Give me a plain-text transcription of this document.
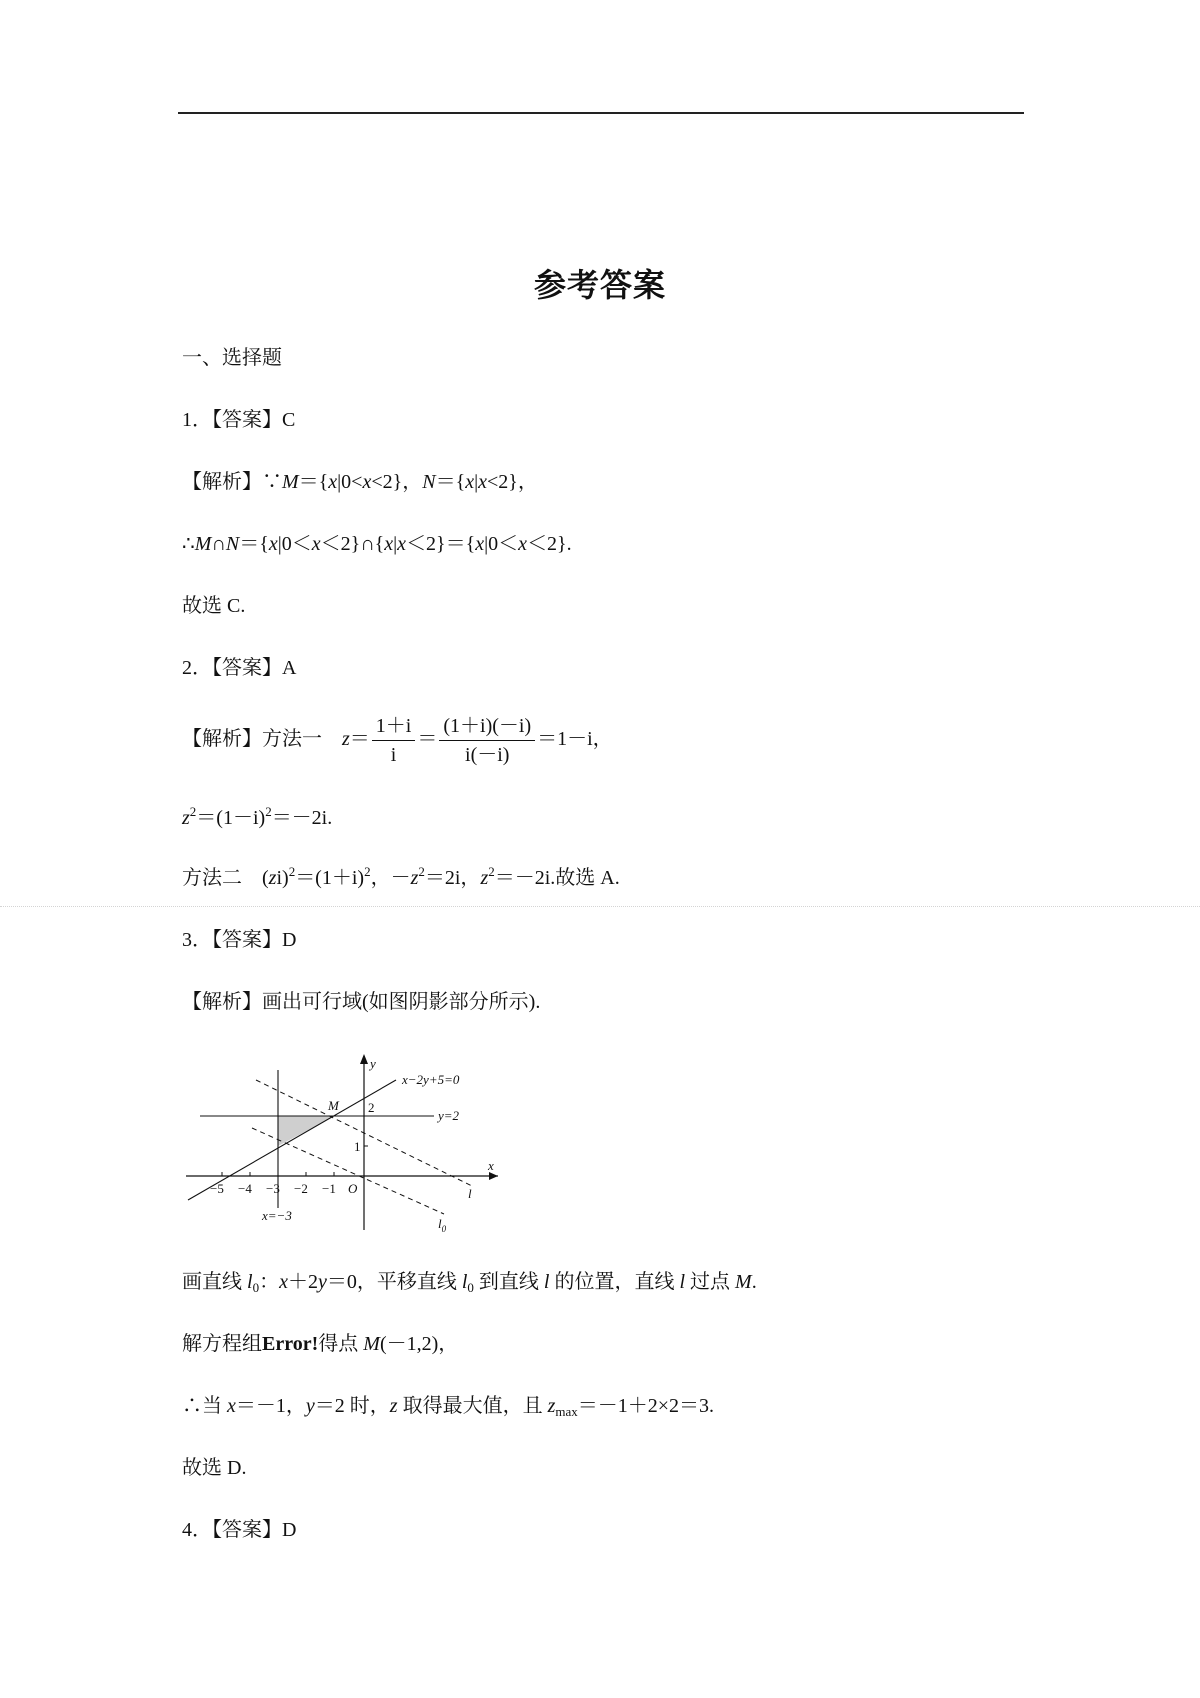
参考答案
一、选择题
1．【答案】C
【解析】∵M＝{x|0<x<2}，N＝{x|x<2}，
∴M∩N＝{x|0＜x＜2}∩{x|x＜2}＝{x|0＜x＜2}.
故选 C.
2．【答案】A
【解析】方法一　$z= \frac{1+i}{i} = \frac{(1+i)(-i)}{i(-i)} =1-i$，
$z^2=(1-i)^2=-2i$.
方法二　$(zi)^2=(1+i)^2$，$-z^2=2i$，$z^2=-2i$.故选 A.
3．【答案】D
【解析】画出可行域(如图阴影部分所示).
y
x
x−2y+5=0
y=2
x=−3
M 2
1
O	l
$l_0$
−5 −4 −3 −2 −1
画直线 $l_0$：x＋2y＝0，平移直线 $l_0$ 到直线 l 的位置，直线 l 过点 M.
解方程组Error!得点 M(－1,2)，
∴当 x＝－1，y＝2 时，z 取得最大值，且 $z_{max}=-1+2\times 2=3$.
故选 D.
4．【答案】D
